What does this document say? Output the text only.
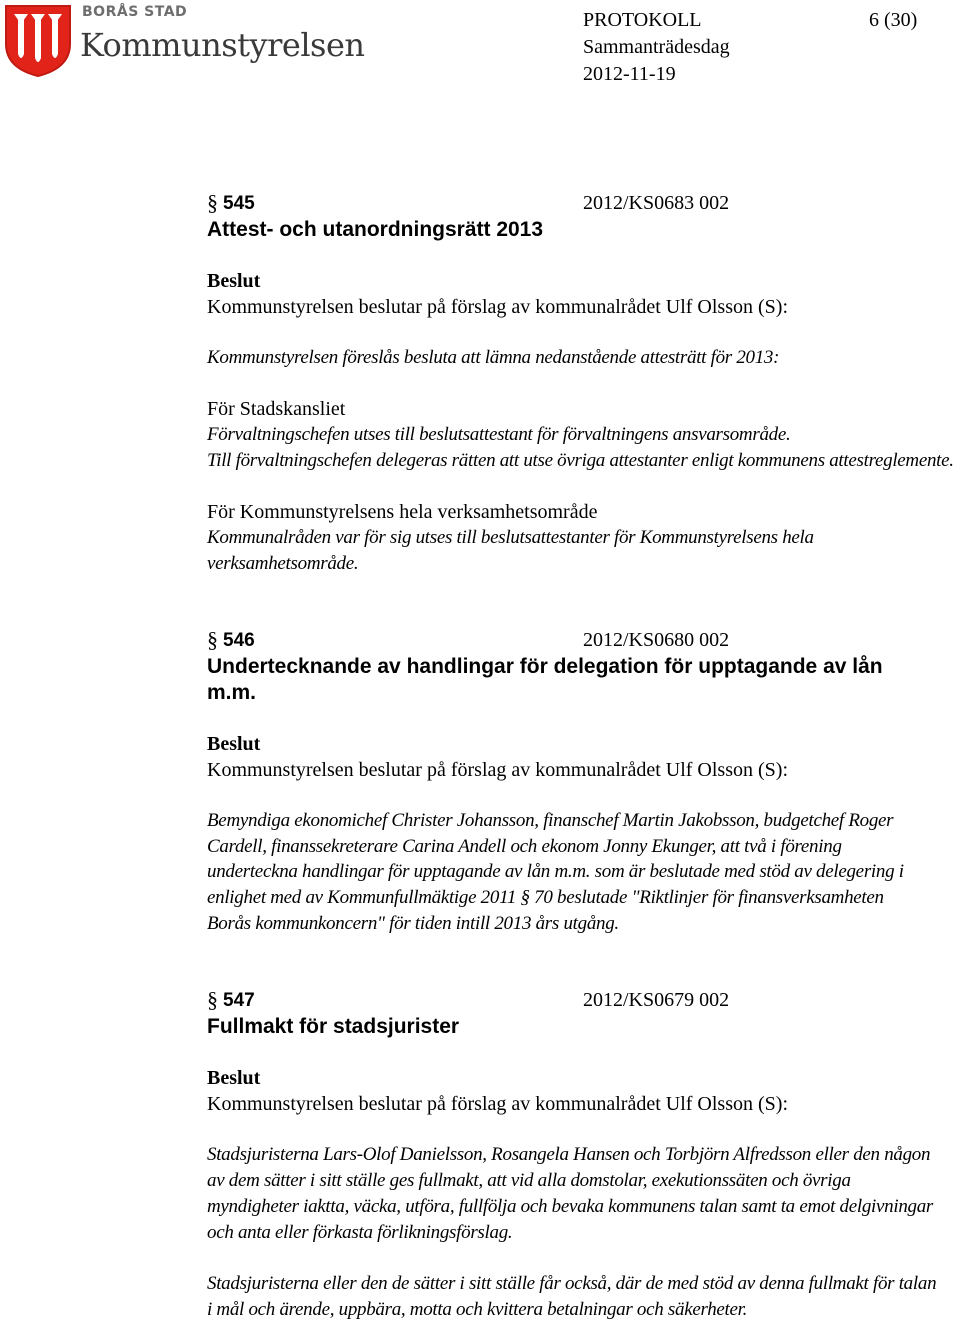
BORÅS STAD
Kommunstyrelsen
PROTOKOLL	6 (30)
Sammanträdesdag
2012-11-19
§ 545	2012/KS0683 002
Attest- och utanordningsrätt 2013
Beslut
Kommunstyrelsen beslutar på förslag av kommunalrådet Ulf Olsson (S):
Kommunstyrelsen föreslås besluta att lämna nedanstående attesträtt för 2013:
För Stadskansliet
Förvaltningschefen utses till beslutsattestant för förvaltningens ansvarsområde.
Till förvaltningschefen delegeras rätten att utse övriga attestanter enligt kommunens attestreglemente.
För Kommunstyrelsens hela verksamhetsområde
Kommunalråden var för sig utses till beslutsattestanter för Kommunstyrelsens hela
verksamhetsområde.
§ 546	2012/KS0680 002
Undertecknande av handlingar för delegation för upptagande av lån
m.m.
Beslut
Kommunstyrelsen beslutar på förslag av kommunalrådet Ulf Olsson (S):
Bemyndiga ekonomichef Christer Johansson, finanschef Martin Jakobsson, budgetchef Roger
Cardell, finanssekreterare Carina Andell och ekonom Jonny Ekunger, att två i förening
underteckna handlingar för upptagande av lån m.m. som är beslutade med stöd av delegering i
enlighet med av Kommunfullmäktige 2011 § 70 beslutade "Riktlinjer för finansverksamheten
Borås kommunkoncern" för tiden intill 2013 års utgång.
§ 547	2012/KS0679 002
Fullmakt för stadsjurister
Beslut
Kommunstyrelsen beslutar på förslag av kommunalrådet Ulf Olsson (S):
Stadsjuristerna Lars-Olof Danielsson, Rosangela Hansen och Torbjörn Alfredsson eller den någon
av dem sätter i sitt ställe ges fullmakt, att vid alla domstolar, exekutionssäten och övriga
myndigheter iaktta, väcka, utföra, fullfölja och bevaka kommunens talan samt ta emot delgivningar
och anta eller förkasta förlikningsförslag.
Stadsjuristerna eller den de sätter i sitt ställe får också, där de med stöd av denna fullmakt för talan
i mål och ärende, uppbära, motta och kvittera betalningar och säkerheter.
